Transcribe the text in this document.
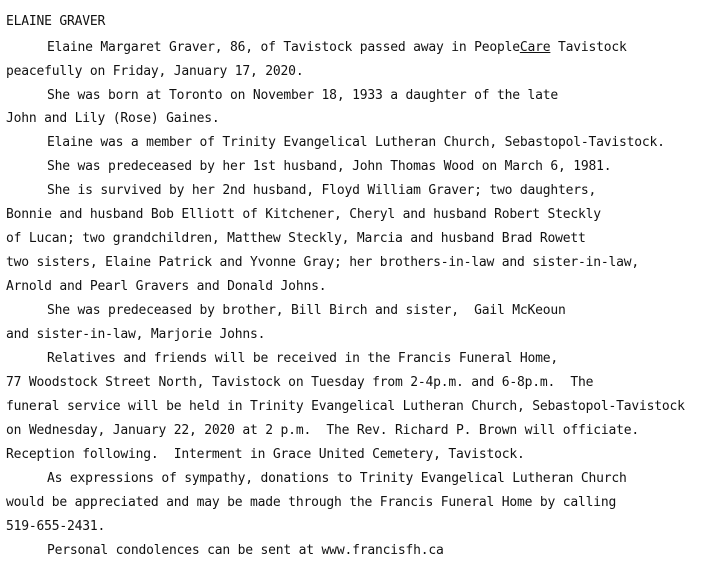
ELAINE GRAVER

Elaine Margaret Graver, 86, of Tavistock passed away in PeopleCare Tavistock

peacefully on Friday, January 17, 2020.

She was born at Toronto on November 18, 1933 a daughter of the late

John and Lily (Rose) Gaines.

Elaine was a member of Trinity Evangelical Lutheran Church, Sebastopol-Tavistock.

She was predeceased by her 1st husband, John Thomas Wood on March 6, 1981.

She is survived by her 2nd husband, Floyd William Graver; two daughters,

Bonnie and husband Bob Elliott of Kitchener, Cheryl and husband Robert Steckly

of Lucan; two grandchildren, Matthew Steckly, Marcia and husband Brad Rowett

two sisters, Elaine Patrick and Yvonne Gray; her brothers-in-law and sister-in-law,

Arnold and Pearl Gravers and Donald Johns.

She was predeceased by brother, Bill Birch and sister,  Gail McKeoun

and sister-in-law, Marjorie Johns.

Relatives and friends will be received in the Francis Funeral Home,

77 Woodstock Street North, Tavistock on Tuesday from 2-4p.m. and 6-8p.m.  The

funeral service will be held in Trinity Evangelical Lutheran Church, Sebastopol-Tavistock

on Wednesday, January 22, 2020 at 2 p.m.  The Rev. Richard P. Brown will officiate.

Reception following.  Interment in Grace United Cemetery, Tavistock.

As expressions of sympathy, donations to Trinity Evangelical Lutheran Church

would be appreciated and may be made through the Francis Funeral Home by calling

519-655-2431.

Personal condolences can be sent at www.francisfh.ca
